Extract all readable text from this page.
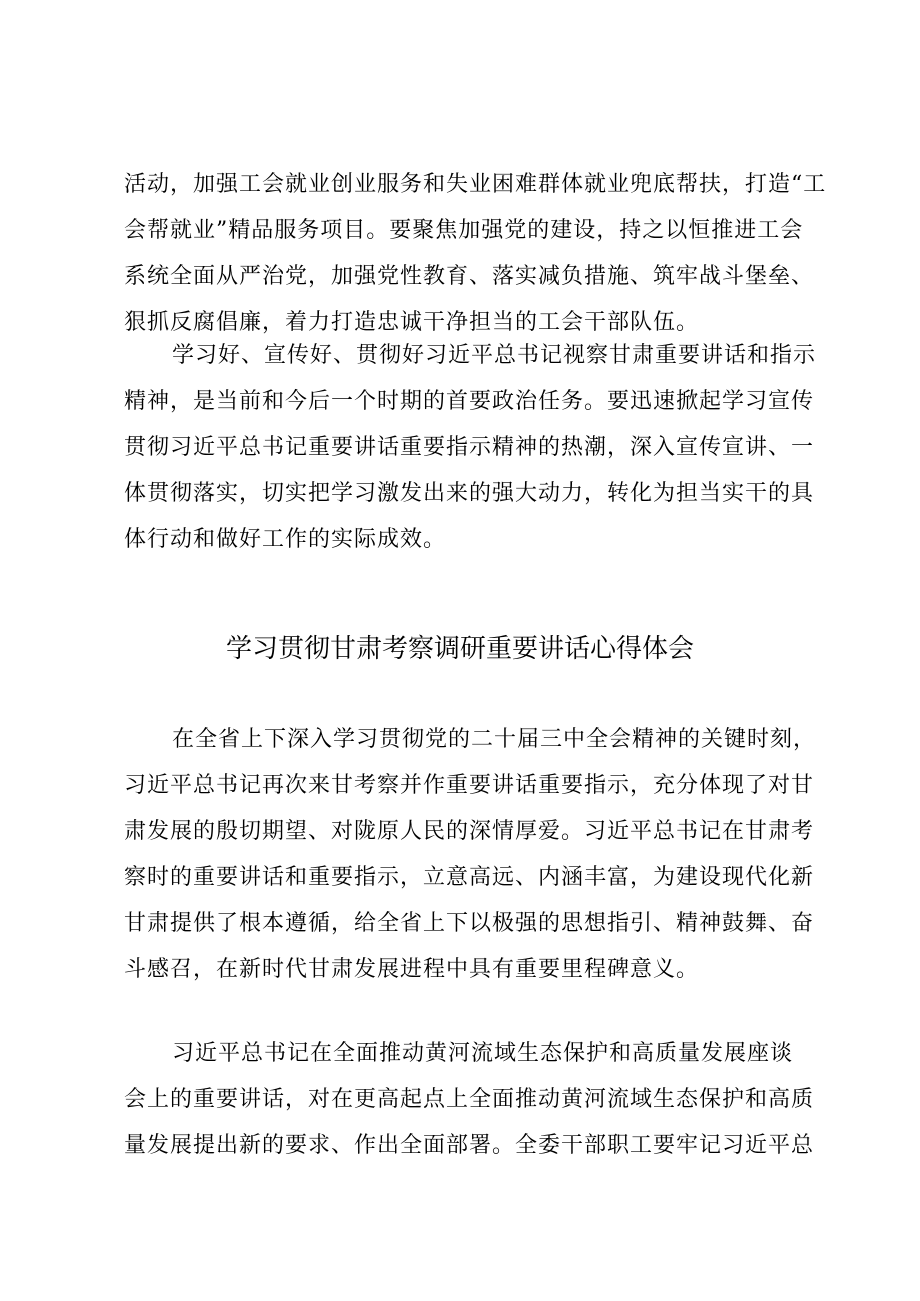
活动，加强工会就业创业服务和失业困难群体就业兜底帮扶，打造“工
会帮就业”精品服务项目。要聚焦加强党的建设，持之以恒推进工会
系统全面从严治党，加强党性教育、落实减负措施、筑牢战斗堡垒、
狠抓反腐倡廉，着力打造忠诚干净担当的工会干部队伍。

学习好、宣传好、贯彻好习近平总书记视察甘肃重要讲话和指示
精神，是当前和今后一个时期的首要政治任务。要迅速掀起学习宣传
贯彻习近平总书记重要讲话重要指示精神的热潮，深入宣传宣讲、一
体贯彻落实，切实把学习激发出来的强大动力，转化为担当实干的具
体行动和做好工作的实际成效。

学习贯彻甘肃考察调研重要讲话心得体会

在全省上下深入学习贯彻党的二十届三中全会精神的关键时刻，
习近平总书记再次来甘考察并作重要讲话重要指示，充分体现了对甘
肃发展的殷切期望、对陇原人民的深情厚爱。习近平总书记在甘肃考
察时的重要讲话和重要指示，立意高远、内涵丰富，为建设现代化新
甘肃提供了根本遵循，给全省上下以极强的思想指引、精神鼓舞、奋
斗感召，在新时代甘肃发展进程中具有重要里程碑意义。

习近平总书记在全面推动黄河流域生态保护和高质量发展座谈
会上的重要讲话，对在更高起点上全面推动黄河流域生态保护和高质
量发展提出新的要求、作出全面部署。全委干部职工要牢记习近平总
